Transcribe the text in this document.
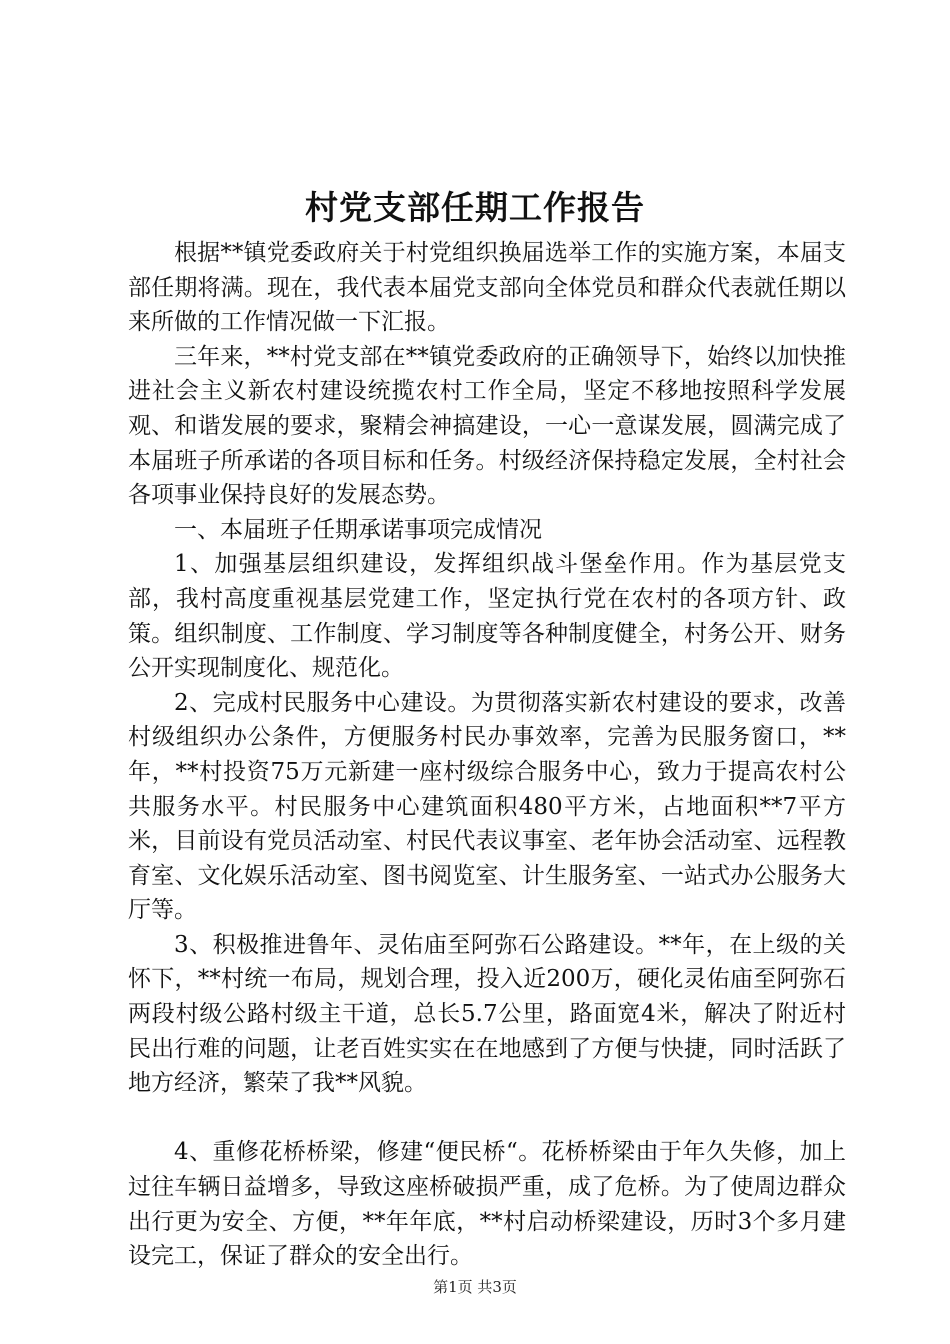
村党支部任期工作报告

根据**镇党委政府关于村党组织换届选举工作的实施方案，本届支部任期将满。现在，我代表本届党支部向全体党员和群众代表就任期以来所做的工作情况做一下汇报。

三年来，**村党支部在**镇党委政府的正确领导下，始终以加快推进社会主义新农村建设统揽农村工作全局，坚定不移地按照科学发展观、和谐发展的要求，聚精会神搞建设，一心一意谋发展，圆满完成了本届班子所承诺的各项目标和任务。村级经济保持稳定发展，全村社会各项事业保持良好的发展态势。

一、本届班子任期承诺事项完成情况

1、加强基层组织建设，发挥组织战斗堡垒作用。作为基层党支部，我村高度重视基层党建工作，坚定执行党在农村的各项方针、政策。组织制度、工作制度、学习制度等各种制度健全，村务公开、财务公开实现制度化、规范化。

2、完成村民服务中心建设。为贯彻落实新农村建设的要求，改善村级组织办公条件，方便服务村民办事效率，完善为民服务窗口，**年，**村投资75万元新建一座村级综合服务中心，致力于提高农村公共服务水平。村民服务中心建筑面积480平方米，占地面积**7平方米，目前设有党员活动室、村民代表议事室、老年协会活动室、远程教育室、文化娱乐活动室、图书阅览室、计生服务室、一站式办公服务大厅等。

3、积极推进鲁年、灵佑庙至阿弥石公路建设。**年，在上级的关怀下，**村统一布局，规划合理，投入近200万，硬化灵佑庙至阿弥石两段村级公路村级主干道，总长5.7公里，路面宽4米，解决了附近村民出行难的问题，让老百姓实实在在地感到了方便与快捷，同时活跃了地方经济，繁荣了我**风貌。

4、重修花桥桥梁，修建“便民桥“。花桥桥梁由于年久失修，加上过往车辆日益增多，导致这座桥破损严重，成了危桥。为了使周边群众出行更为安全、方便，**年年底，**村启动桥梁建设，历时3个多月建设完工，保证了群众的安全出行。

第1页 共3页
